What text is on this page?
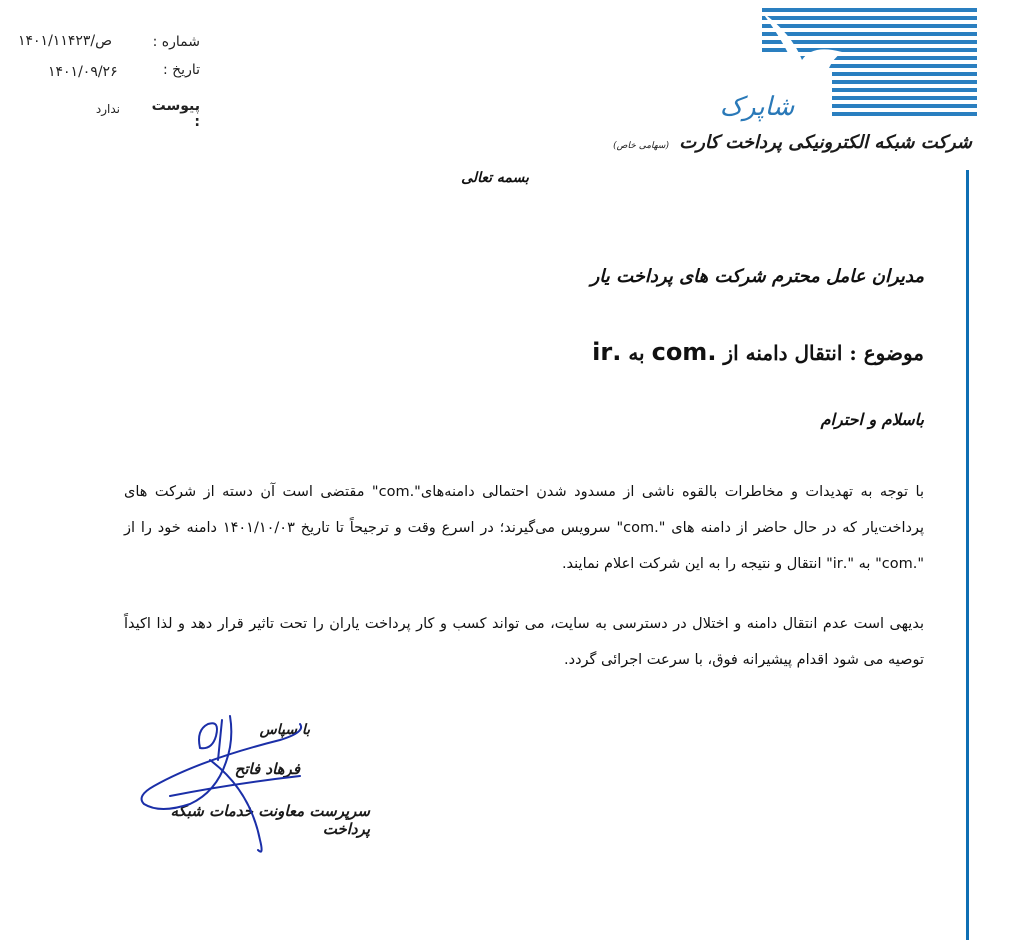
شاپرک
شرکت شبکه الکترونیکی پرداخت کارت (سهامی خاص)
شماره :
۱۴۰۱/ص/۱۱۴۲۳
تاریخ :
۱۴۰۱/۰۹/۲۶
پیوست :
ندارد
بسمه تعالی
مدیران عامل محترم شرکت های پرداخت یار
موضوع : انتقال دامنه از .com به .ir
باسلام و احترام
با توجه به تهدیدات و مخاطرات بالقوه ناشی از مسدود شدن احتمالی دامنه‌های".com" مقتضی است آن دسته از شرکت های پرداخت‌یار که در حال حاضر از دامنه های ".com" سرویس می‌گیرند؛ در اسرع وقت و ترجیحاً تا تاریخ ۱۴۰۱/۱۰/۰۳ دامنه خود را از ".com" به ".ir" انتقال و نتیجه را به این شرکت اعلام نمایند.
بدیهی است عدم انتقال دامنه و اختلال در دسترسی به سایت، می تواند کسب و کار پرداخت یاران را تحت تاثیر قرار دهد و لذا اکیداً توصیه می شود اقدام پیشیرانه فوق، با سرعت اجرائی گردد.
با سپاس
فرهاد فاتح
سرپرست معاونت خدمات شبکه پرداخت
